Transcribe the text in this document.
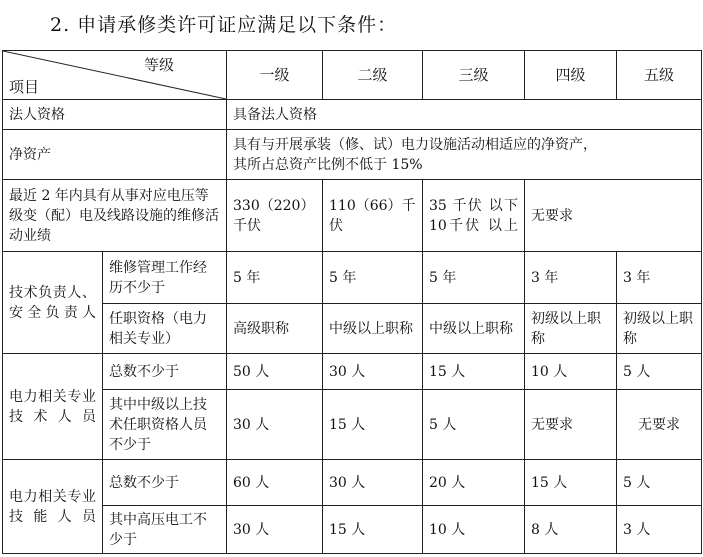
2. 申请承修类许可证应满足以下条件：
等级
项目		一级	二级	三级	四级	五级
法人资格		具备法人资格				
净资产		具有与开展承装（修、试）电力设施活动相适应的净资产，
其所占总资产比例不低于 15%				

最近 2 年内具有从事对应电压等级变（配）电及线路设施的维修活动业绩		330（220）千伏	110（66）千伏	35 千伏 以下 10千伏 以上	无要求	
技术负责人、安全负责人	维修管理工作经历不少于	5 年	5 年	5 年	3 年	3 年
	任职资格（电力相关专业）	高级职称	中级以上职称	中级以上职称	初级以上职称	初级以上职称
电力相关专业技术人员	总数不少于	50 人	30 人	15 人	10 人	5 人
	其中中级以上技术任职资格人员不少于	30 人	15 人	5 人	无要求	无要求
电力相关专业技能人员	总数不少于	60 人	30 人	20 人	15 人	5 人
	其中高压电工不少于	30 人	15 人	10 人	8 人	3 人
